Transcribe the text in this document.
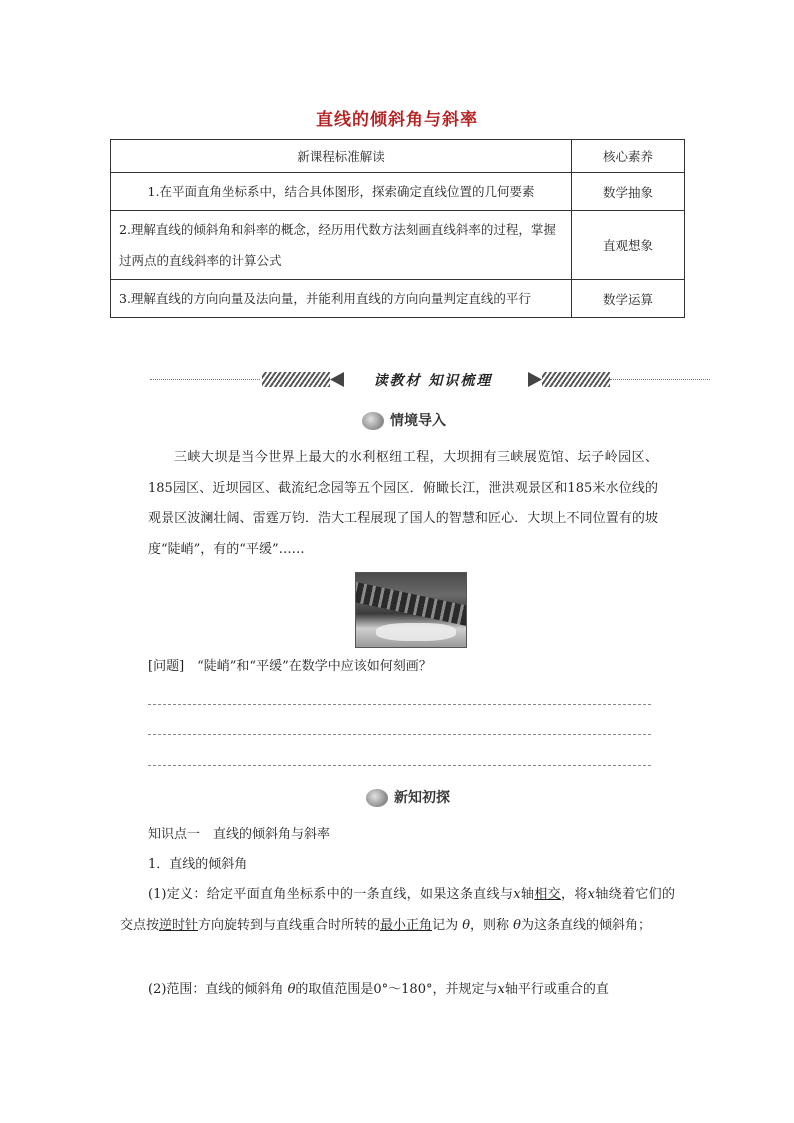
直线的倾斜角与斜率
新课程标准解读	核心素养
1.在平面直角坐标系中，结合具体图形，探索确定直线位置的几何要素	数学抽象
2.理解直线的倾斜角和斜率的概念，经历用代数方法刻画直线斜率的过程，掌握过两点的直线斜率的计算公式	直观想象
3.理解直线的方向向量及法向量，并能利用直线的方向向量判定直线的平行	数学运算
读教材 知识梳理
情境导入
三峡大坝是当今世界上最大的水利枢纽工程，大坝拥有三峡展览馆、坛子岭园区、185园区、近坝园区、截流纪念园等五个园区．俯瞰长江，泄洪观景区和185米水位线的观景区波澜壮阔、雷霆万钧．浩大工程展现了国人的智慧和匠心．大坝上不同位置有的坡度“陡峭”，有的“平缓”……
[问题]　“陡峭”和“平缓”在数学中应该如何刻画？
新知初探
知识点一　直线的倾斜角与斜率
1．直线的倾斜角
(1)定义：给定平面直角坐标系中的一条直线，如果这条直线与x轴相交，将x轴绕着它们的交点按逆时针方向旋转到与直线重合时所转的最小正角记为 θ，则称 θ为这条直线的倾斜角；
(2)范围：直线的倾斜角 θ的取值范围是0°～180°，并规定与x轴平行或重合的直
